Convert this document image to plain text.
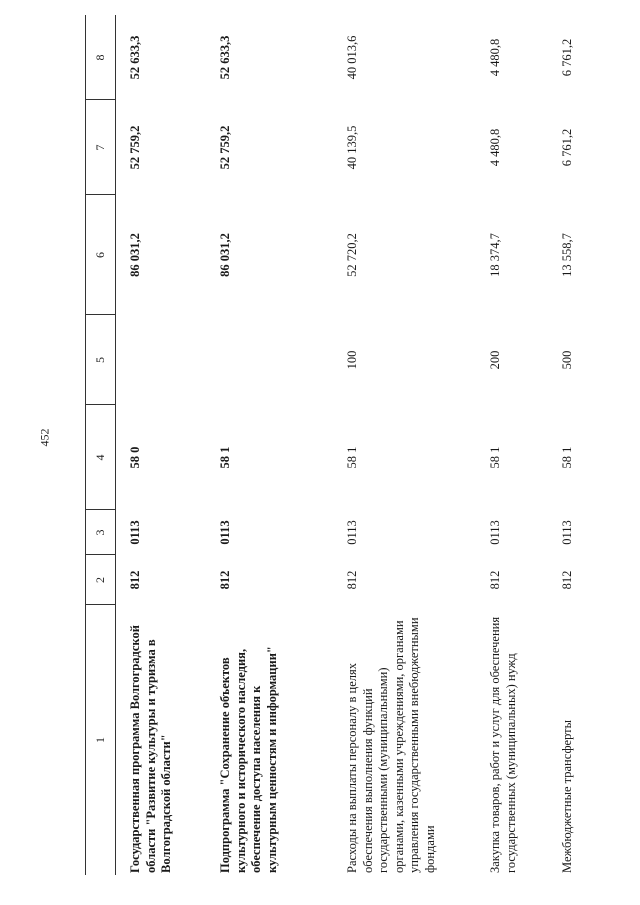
452
1
2
3
4
5
6
7
8
Государственная программа Волгоградской области "Развитие культуры и туризма в Волгоградской области"
812
0113
58 0
86 031,2
52 759,2
52 633,3
Подпрограмма "Сохранение объектов культурного и исторического наследия, обеспечение доступа населения к культурным ценностям и информации"
812
0113
58 1
86 031,2
52 759,2
52 633,3
Расходы на выплаты персоналу в целях обеспечения выполнения функций государственными (муниципальными) органами, казенными учреждениями, органами управления государственными внебюджетными фондами
812
0113
58 1
100
52 720,2
40 139,5
40 013,6
Закупка товаров, работ и услуг для обеспечения государственных (муниципальных) нужд
812
0113
58 1
200
18 374,7
4 480,8
4 480,8
Межбюджетные трансферты
812
0113
58 1
500
13 558,7
6 761,2
6 761,2
